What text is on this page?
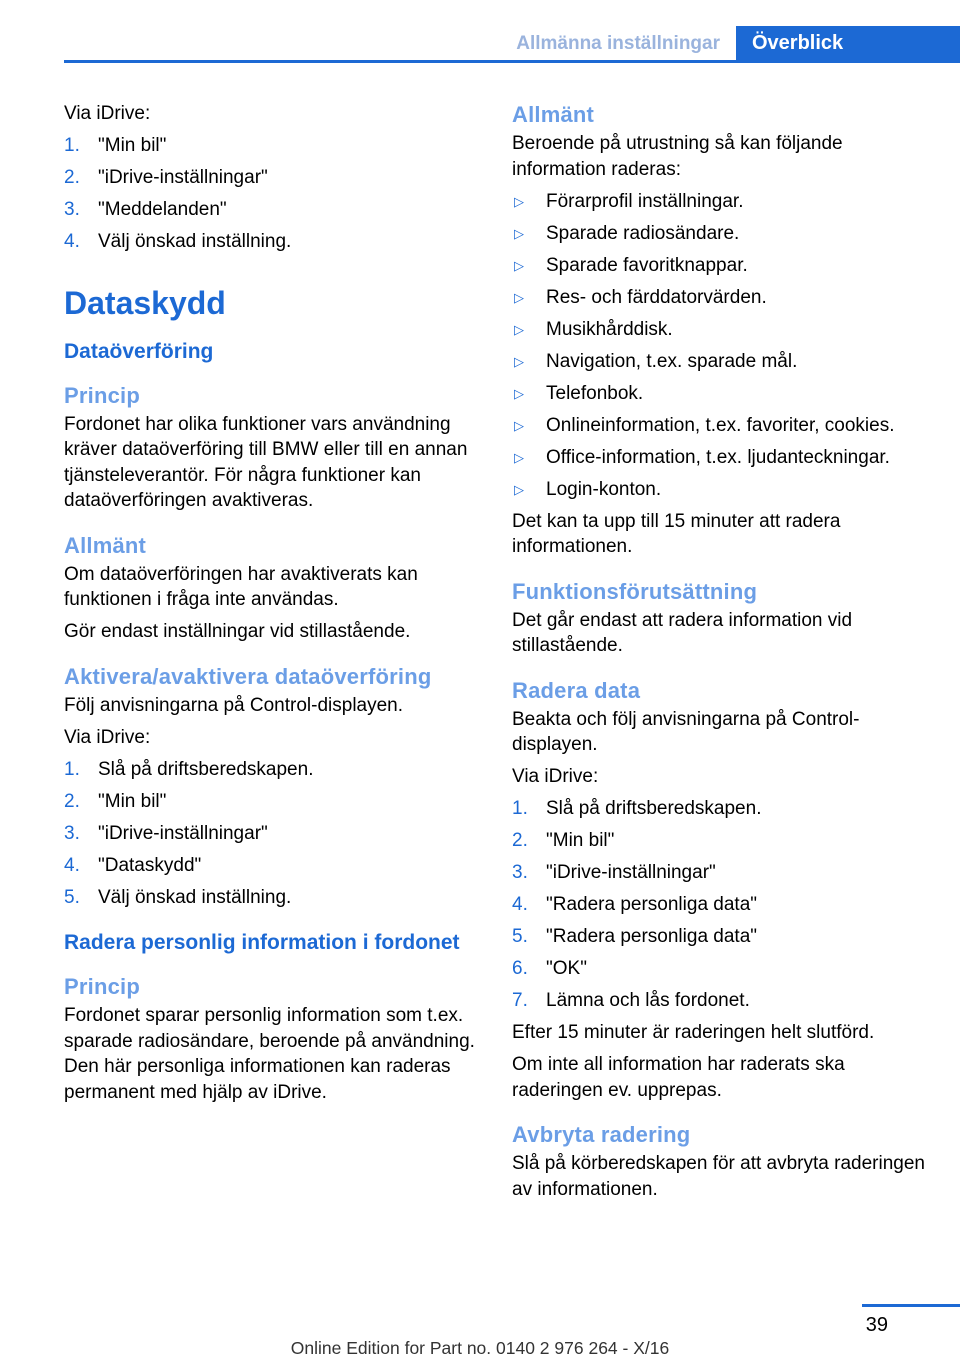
Allmänna inställningar	Överblick

Via iDrive:

1. "Min bil"
2. "iDrive-inställningar"
3. "Meddelanden"
4. Välj önskad inställning.
Dataskydd
Dataöverföring
Princip

Fordonet har olika funktioner vars användning kräver dataöverföring till BMW eller till en annan tjänsteleverantör. För några funktioner kan dataöverföringen avaktiveras.

Allmänt

Om dataöverföringen har avaktiverats kan funktionen i fråga inte användas.

Gör endast inställningar vid stillastående.

Aktivera/avaktivera dataöverföring

Följ anvisningarna på Control-displayen.

Via iDrive:

1. Slå på driftsberedskapen.
2. "Min bil"
3. "iDrive-inställningar"
4. "Dataskydd"
5. Välj önskad inställning.
Radera personlig information i fordonet
Princip

Fordonet sparar personlig information som t.ex. sparade radiosändare, beroende på användning. Den här personliga informationen kan raderas permanent med hjälp av iDrive.

Allmänt

Beroende på utrustning så kan följande information raderas:

▷ Förarprofil inställningar.
▷ Sparade radiosändare.
▷ Sparade favoritknappar.
▷ Res- och färddatorvärden.
▷ Musikhårddisk.
▷ Navigation, t.ex. sparade mål.
▷ Telefonbok.
▷ Onlineinformation, t.ex. favoriter, cookies.
▷ Office-information, t.ex. ljudanteckningar.
▷ Login-konton.

Det kan ta upp till 15 minuter att radera informationen.

Funktionsförutsättning

Det går endast att radera information vid stillastående.

Radera data

Beakta och följ anvisningarna på Control-displayen.

Via iDrive:

1. Slå på driftsberedskapen.
2. "Min bil"
3. "iDrive-inställningar"
4. "Radera personliga data"
5. "Radera personliga data"
6. "OK"
7. Lämna och lås fordonet.

Efter 15 minuter är raderingen helt slutförd.

Om inte all information har raderats ska raderingen ev. upprepas.

Avbryta radering

Slå på körberedskapen för att avbryta raderingen av informationen.

39
Online Edition for Part no. 0140 2 976 264 - X/16
